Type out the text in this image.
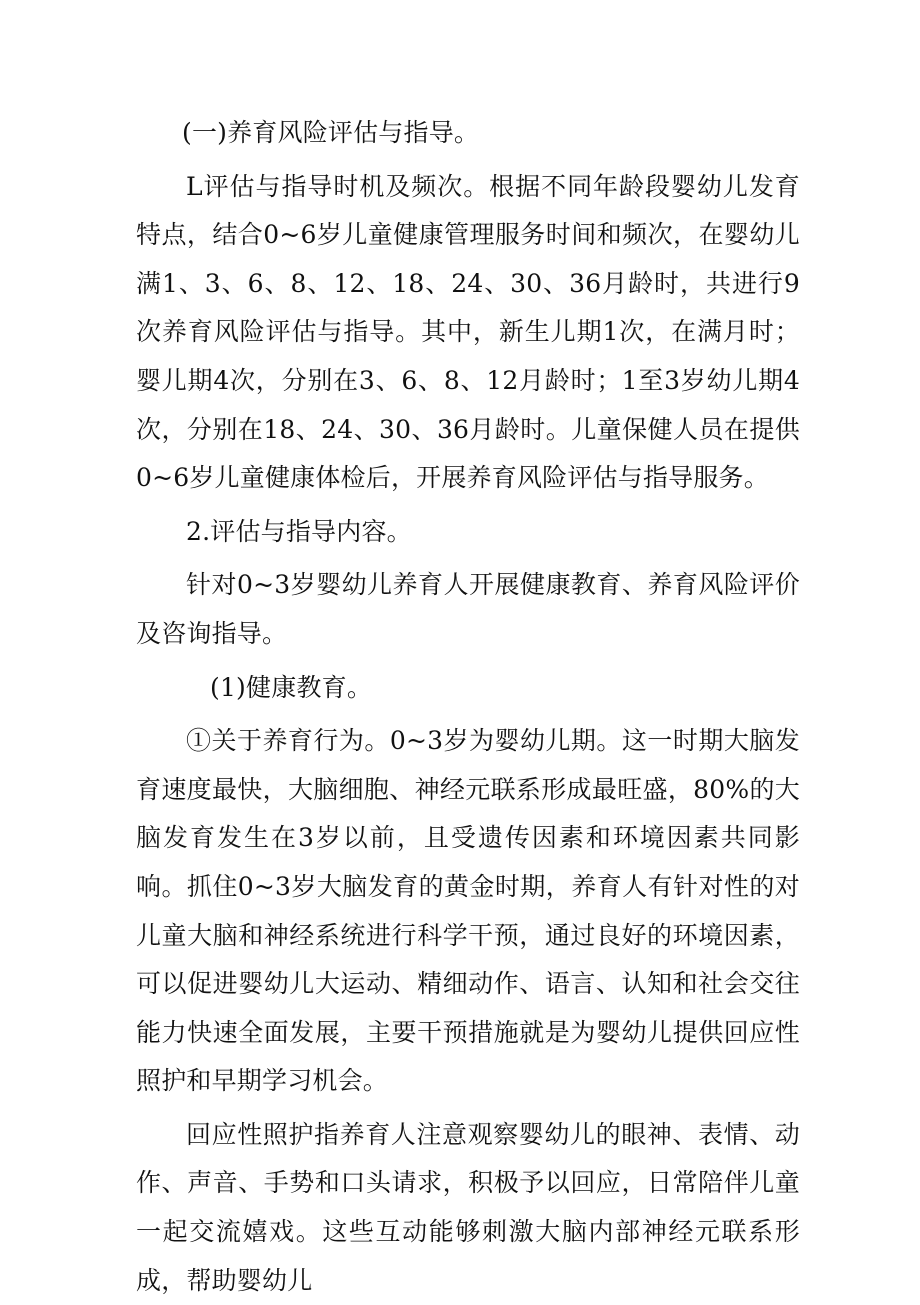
(一)养育风险评估与指导。

L评估与指导时机及频次。根据不同年龄段婴幼儿发育特点，结合0~6岁儿童健康管理服务时间和频次，在婴幼儿满1、3、6、8、12、18、24、30、36月龄时，共进行9次养育风险评估与指导。其中，新生儿期1次，在满月时；婴儿期4次，分别在3、6、8、12月龄时；1至3岁幼儿期4次，分别在18、24、30、36月龄时。儿童保健人员在提供0~6岁儿童健康体检后，开展养育风险评估与指导服务。

2.评估与指导内容。

针对0~3岁婴幼儿养育人开展健康教育、养育风险评价及咨询指导。

(1)健康教育。

①关于养育行为。0~3岁为婴幼儿期。这一时期大脑发育速度最快，大脑细胞、神经元联系形成最旺盛，80%的大脑发育发生在3岁以前，且受遗传因素和环境因素共同影响。抓住0~3岁大脑发育的黄金时期，养育人有针对性的对儿童大脑和神经系统进行科学干预，通过良好的环境因素，可以促进婴幼儿大运动、精细动作、语言、认知和社会交往能力快速全面发展，主要干预措施就是为婴幼儿提供回应性照护和早期学习机会。

回应性照护指养育人注意观察婴幼儿的眼神、表情、动作、声音、手势和口头请求，积极予以回应，日常陪伴儿童一起交流嬉戏。这些互动能够刺激大脑内部神经元联系形成，帮助婴幼儿
